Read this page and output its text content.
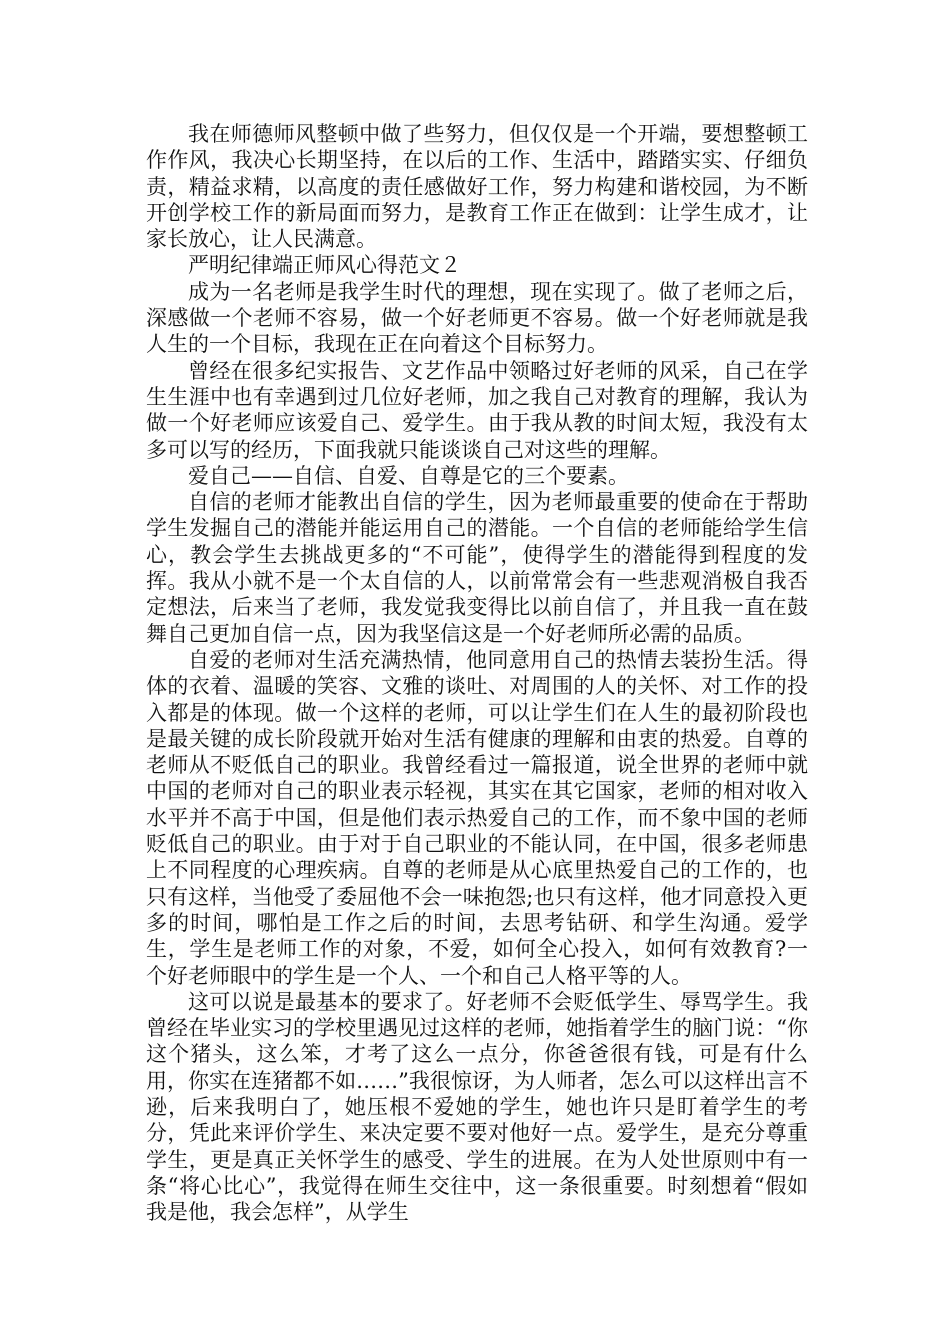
我在师德师风整顿中做了些努力，但仅仅是一个开端，要想整顿工作作风，我决心长期坚持，在以后的工作、生活中，踏踏实实、仔细负责，精益求精，以高度的责任感做好工作，努力构建和谐校园，为不断开创学校工作的新局面而努力，是教育工作正在做到：让学生成才，让家长放心，让人民满意。

严明纪律端正师风心得范文２

成为一名老师是我学生时代的理想，现在实现了。做了老师之后，深感做一个老师不容易，做一个好老师更不容易。做一个好老师就是我人生的一个目标，我现在正在向着这个目标努力。

曾经在很多纪实报告、文艺作品中领略过好老师的风采，自己在学生生涯中也有幸遇到过几位好老师，加之我自己对教育的理解，我认为做一个好老师应该爱自己、爱学生。由于我从教的时间太短，我没有太多可以写的经历，下面我就只能谈谈自己对这些的理解。

爱自己——自信、自爱、自尊是它的三个要素。

自信的老师才能教出自信的学生，因为老师最重要的使命在于帮助学生发掘自己的潜能并能运用自己的潜能。一个自信的老师能给学生信心，教会学生去挑战更多的“不可能”，使得学生的潜能得到程度的发挥。我从小就不是一个太自信的人，以前常常会有一些悲观消极自我否定想法，后来当了老师，我发觉我变得比以前自信了，并且我一直在鼓舞自己更加自信一点，因为我坚信这是一个好老师所必需的品质。

自爱的老师对生活充满热情，他同意用自己的热情去装扮生活。得体的衣着、温暖的笑容、文雅的谈吐、对周围的人的关怀、对工作的投入都是的体现。做一个这样的老师，可以让学生们在人生的最初阶段也是最关键的成长阶段就开始对生活有健康的理解和由衷的热爱。自尊的老师从不贬低自己的职业。我曾经看过一篇报道，说全世界的老师中就中国的老师对自己的职业表示轻视，其实在其它国家，老师的相对收入水平并不高于中国，但是他们表示热爱自己的工作，而不象中国的老师贬低自己的职业。由于对于自己职业的不能认同，在中国，很多老师患上不同程度的心理疾病。自尊的老师是从心底里热爱自己的工作的，也只有这样，当他受了委屈他不会一味抱怨;也只有这样，他才同意投入更多的时间，哪怕是工作之后的时间，去思考钻研、和学生沟通。爱学生，学生是老师工作的对象，不爱，如何全心投入，如何有效教育?一个好老师眼中的学生是一个人、一个和自己人格平等的人。

这可以说是最基本的要求了。好老师不会贬低学生、辱骂学生。我曾经在毕业实习的学校里遇见过这样的老师，她指着学生的脑门说：“你这个猪头，这么笨，才考了这么一点分，你爸爸很有钱，可是有什么用，你实在连猪都不如……”我很惊讶，为人师者，怎么可以这样出言不逊，后来我明白了，她压根不爱她的学生，她也许只是盯着学生的考分，凭此来评价学生、来决定要不要对他好一点。爱学生，是充分尊重学生，更是真正关怀学生的感受、学生的进展。在为人处世原则中有一条“将心比心”，我觉得在师生交往中，这一条很重要。时刻想着“假如我是他，我会怎样”，从学生
